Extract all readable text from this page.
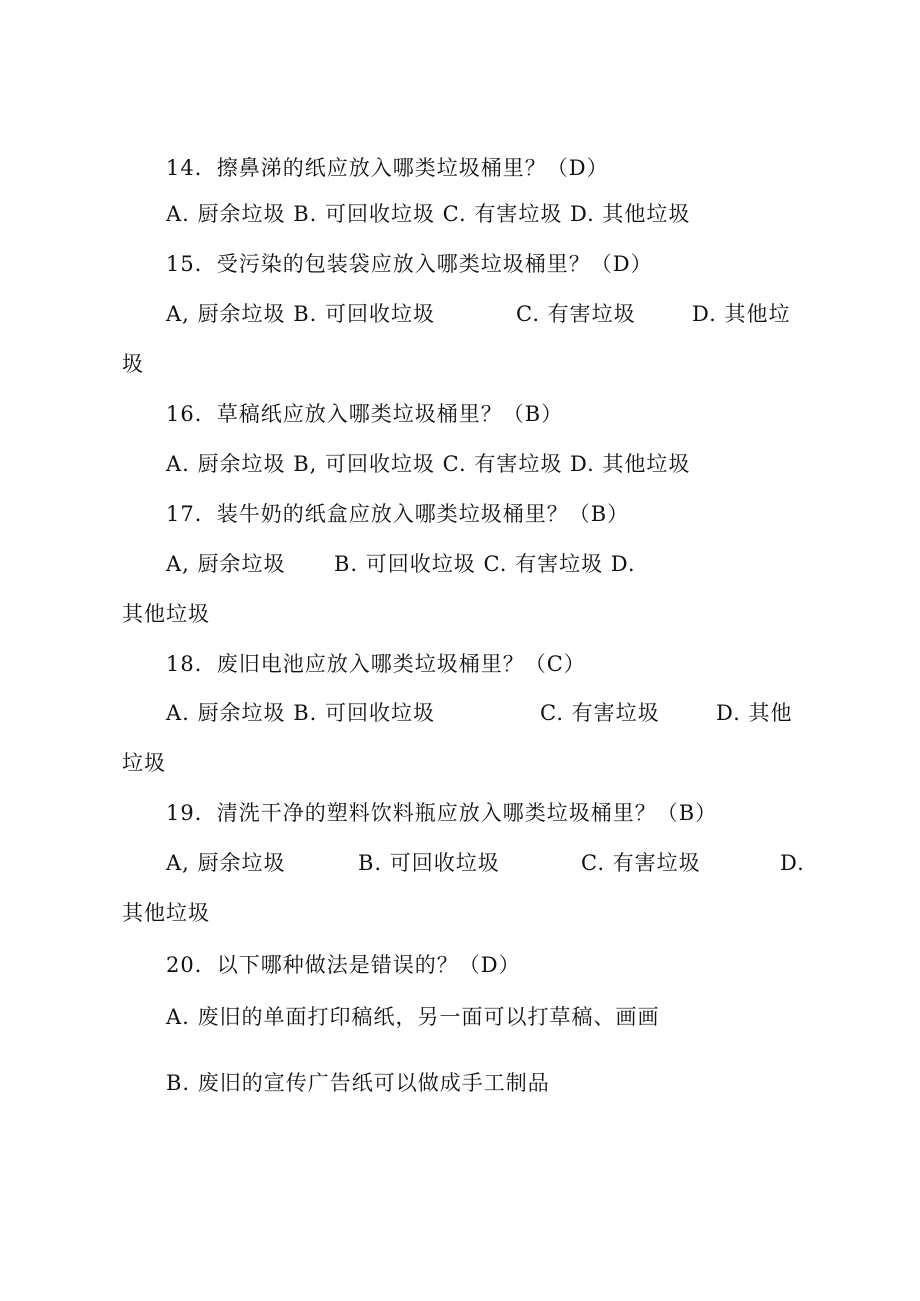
14．擦鼻涕的纸应放入哪类垃圾桶里？（D）
A. 厨余垃圾 B. 可回收垃圾 C. 有害垃圾 D. 其他垃圾
15．受污染的包装袋应放入哪类垃圾桶里？（D）
A, 厨余垃圾 B. 可回收垃圾	C. 有害垃圾	D. 其他垃
圾
16．草稿纸应放入哪类垃圾桶里？（B）
A. 厨余垃圾 B, 可回收垃圾 C. 有害垃圾 D. 其他垃圾
17．装牛奶的纸盒应放入哪类垃圾桶里？（B）
A, 厨余垃圾 B. 可回收垃圾 C. 有害垃圾 D.
其他垃圾
18．废旧电池应放入哪类垃圾桶里？（C）
A. 厨余垃圾 B. 可回收垃圾	C. 有害垃圾	D. 其他
垃圾
19．清洗干净的塑料饮料瓶应放入哪类垃圾桶里？（B）
A, 厨余垃圾	B. 可回收垃圾	C. 有害垃圾	D.
其他垃圾
20．以下哪种做法是错误的？（D）
A. 废旧的单面打印稿纸，另一面可以打草稿、画画
B. 废旧的宣传广告纸可以做成手工制品
